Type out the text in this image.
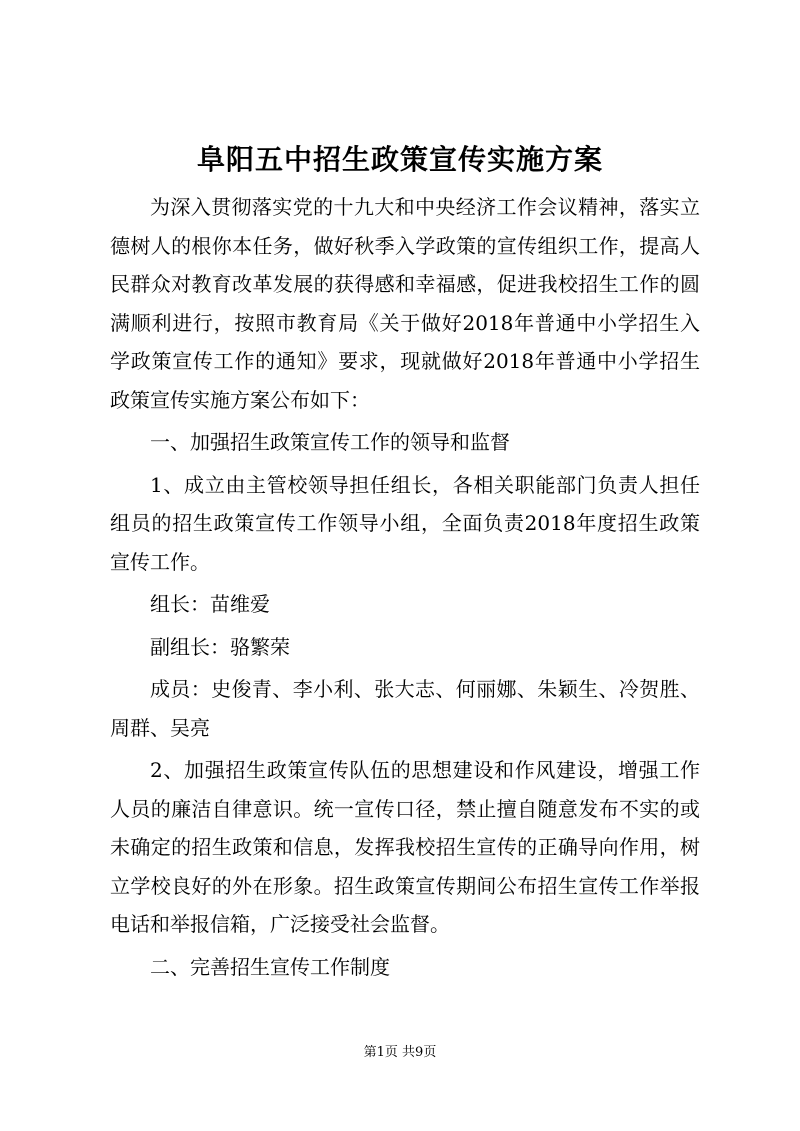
阜阳五中招生政策宣传实施方案

为深入贯彻落实党的十九大和中央经济工作会议精神，落实立德树人的根你本任务，做好秋季入学政策的宣传组织工作，提高人民群众对教育改革发展的获得感和幸福感，促进我校招生工作的圆满顺利进行，按照市教育局《关于做好2018年普通中小学招生入学政策宣传工作的通知》要求，现就做好2018年普通中小学招生政策宣传实施方案公布如下：

一、加强招生政策宣传工作的领导和监督

1、成立由主管校领导担任组长，各相关职能部门负责人担任组员的招生政策宣传工作领导小组，全面负责2018年度招生政策宣传工作。

组长：苗维爱

副组长：骆繁荣

成员：史俊青、李小利、张大志、何丽娜、朱颖生、冷贺胜、周群、吴亮

2、加强招生政策宣传队伍的思想建设和作风建设，增强工作人员的廉洁自律意识。统一宣传口径，禁止擅自随意发布不实的或未确定的招生政策和信息，发挥我校招生宣传的正确导向作用，树立学校良好的外在形象。招生政策宣传期间公布招生宣传工作举报电话和举报信箱，广泛接受社会监督。

二、完善招生宣传工作制度

第1页 共9页
